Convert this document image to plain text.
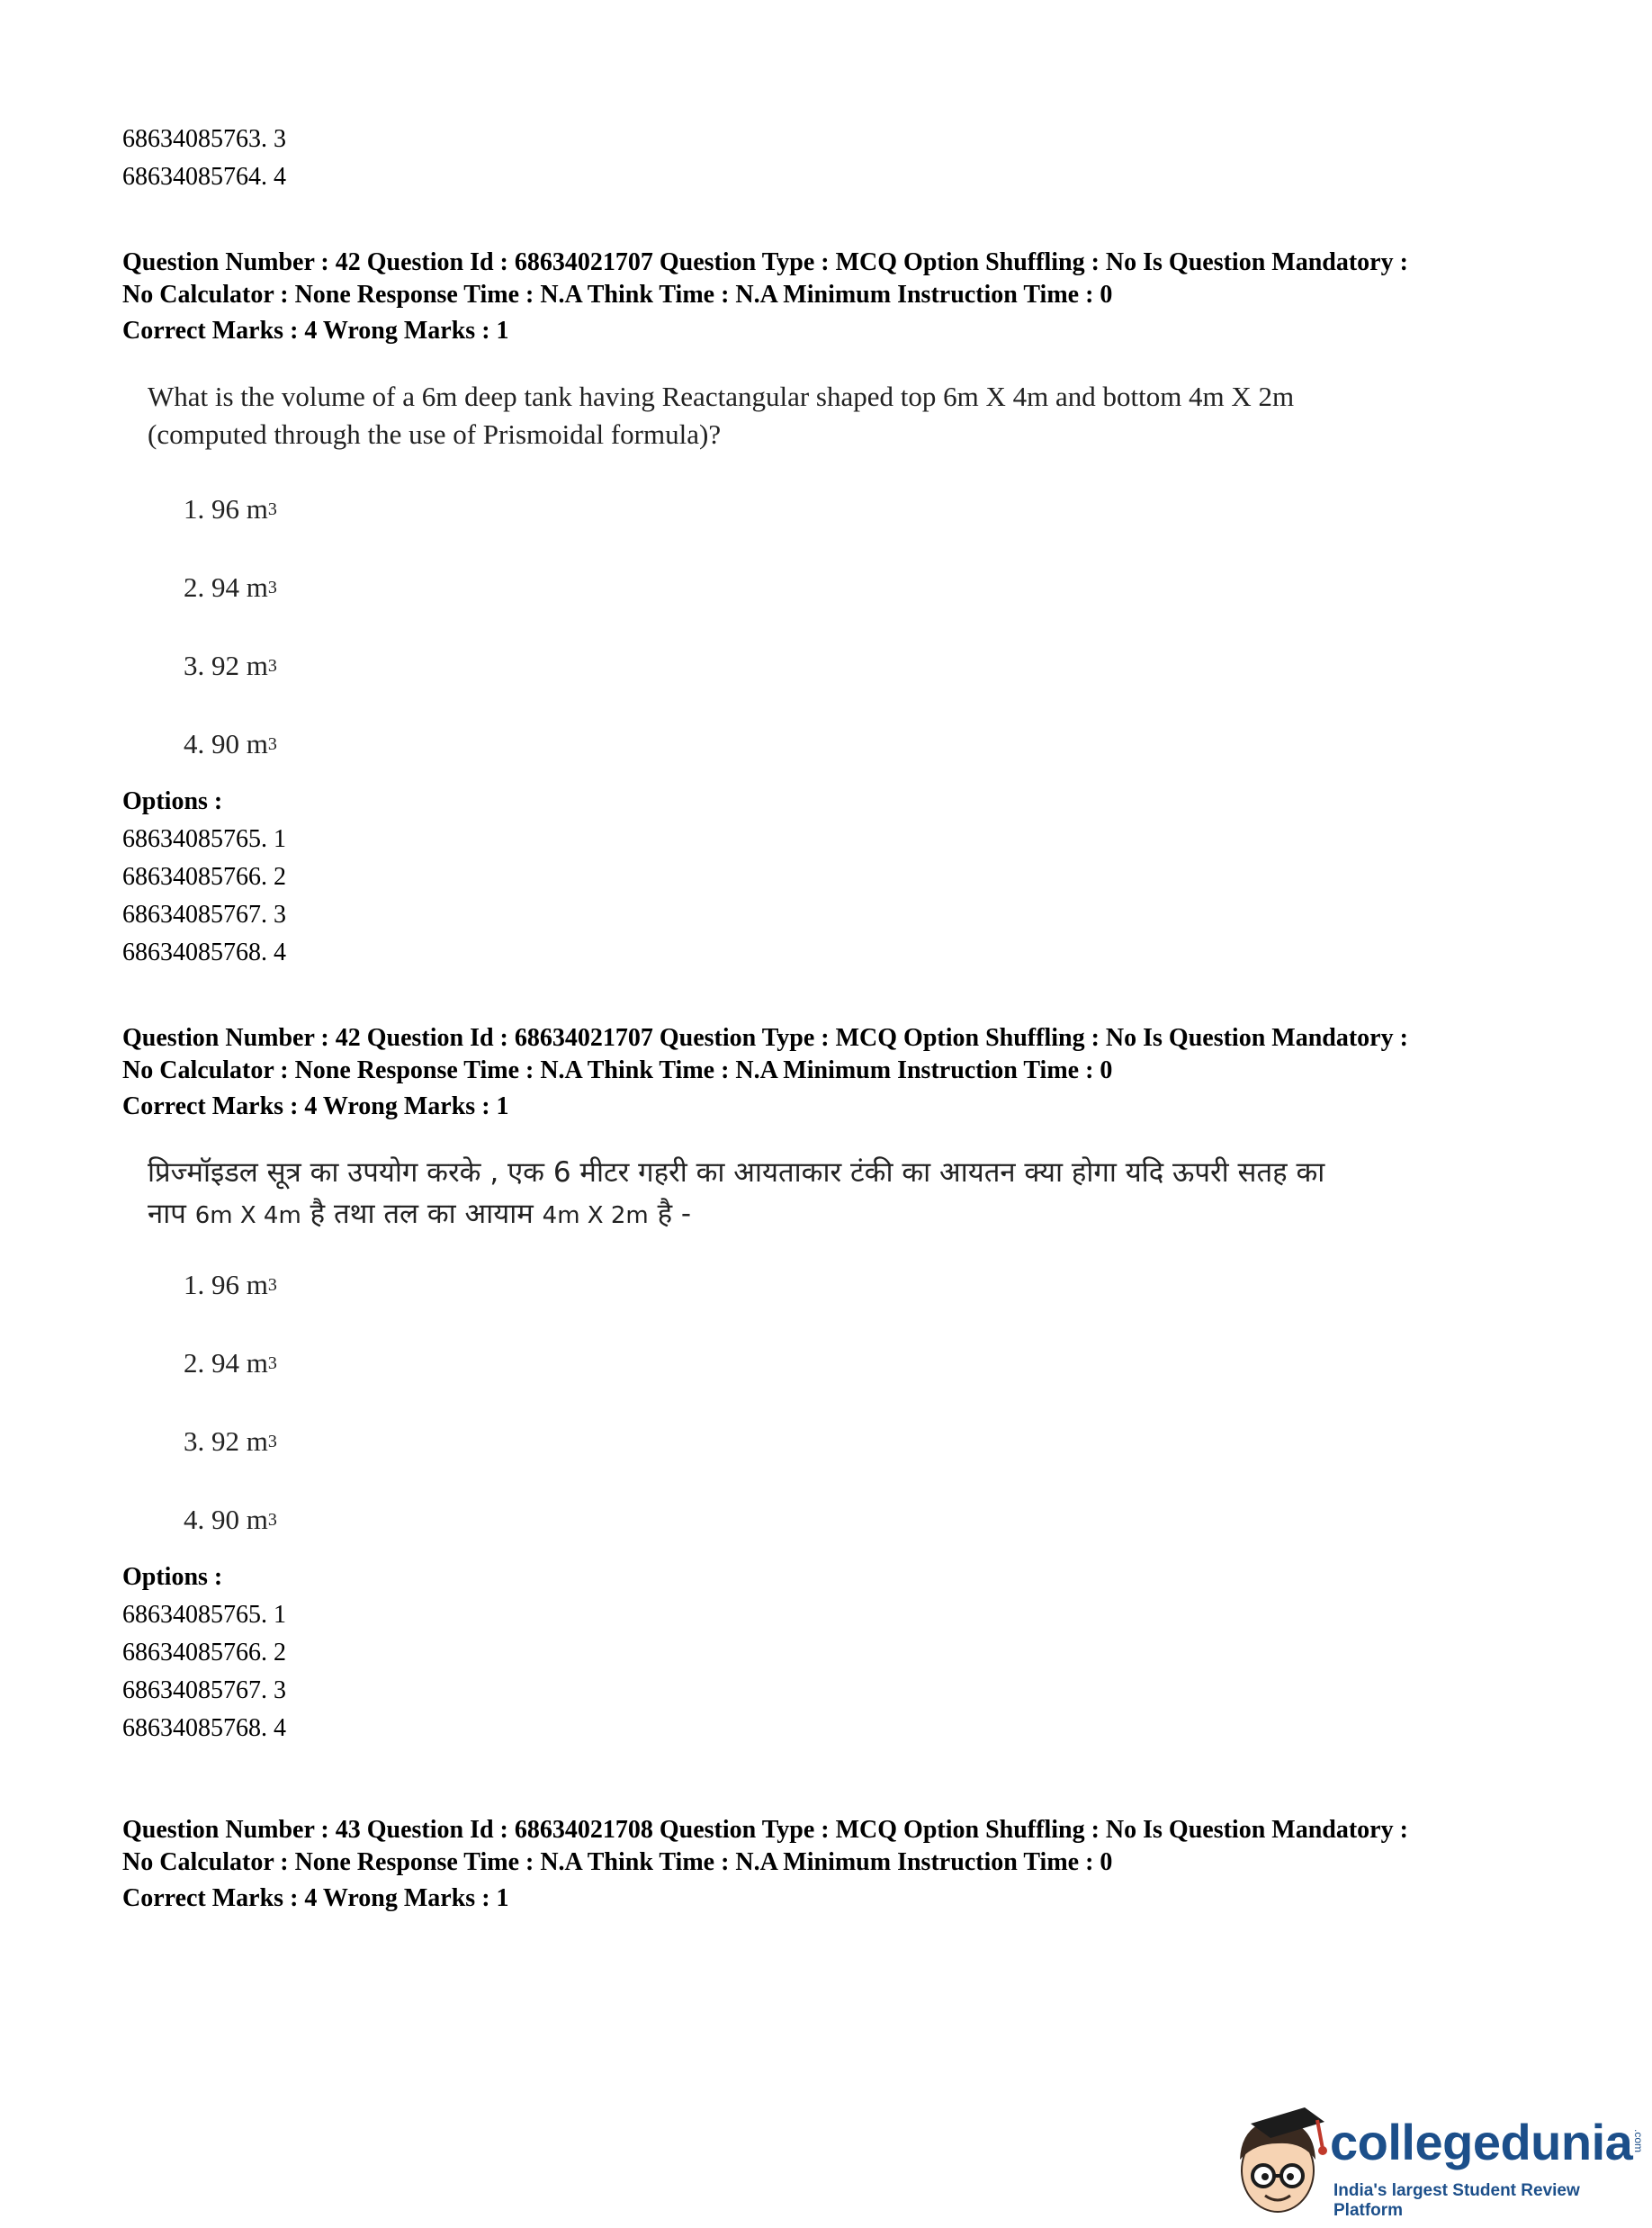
68634085763. 3
68634085764. 4
Question Number : 42 Question Id : 68634021707 Question Type : MCQ Option Shuffling : No Is Question Mandatory :
No Calculator : None Response Time : N.A Think Time : N.A Minimum Instruction Time : 0
Correct Marks : 4 Wrong Marks : 1
What is the volume of a 6m deep tank having Reactangular shaped top 6m X 4m and bottom 4m X 2m
(computed through the use of Prismoidal formula)?
1. 96 m 3
2. 94 m 3
3. 92 m 3
4. 90 m 3
Options :
68634085765. 1
68634085766. 2
68634085767. 3
68634085768. 4
Question Number : 42 Question Id : 68634021707 Question Type : MCQ Option Shuffling : No Is Question Mandatory :
No Calculator : None Response Time : N.A Think Time : N.A Minimum Instruction Time : 0
Correct Marks : 4 Wrong Marks : 1
प्रिज्मॉइडल सूत्र का उपयोग करके , एक 6 मीटर गहरी का आयताकार टंकी का आयतन क्या होगा यदि ऊपरी सतह का
नाप 6m X 4m है तथा तल का आयाम 4m X 2m है -
1. 96 m 3
2. 94 m 3
3. 92 m 3
4. 90 m 3
Options :
68634085765. 1
68634085766. 2
68634085767. 3
68634085768. 4
Question Number : 43 Question Id : 68634021708 Question Type : MCQ Option Shuffling : No Is Question Mandatory :
No Calculator : None Response Time : N.A Think Time : N.A Minimum Instruction Time : 0
Correct Marks : 4 Wrong Marks : 1
collegedunia .com
India's largest Student Review Platform
